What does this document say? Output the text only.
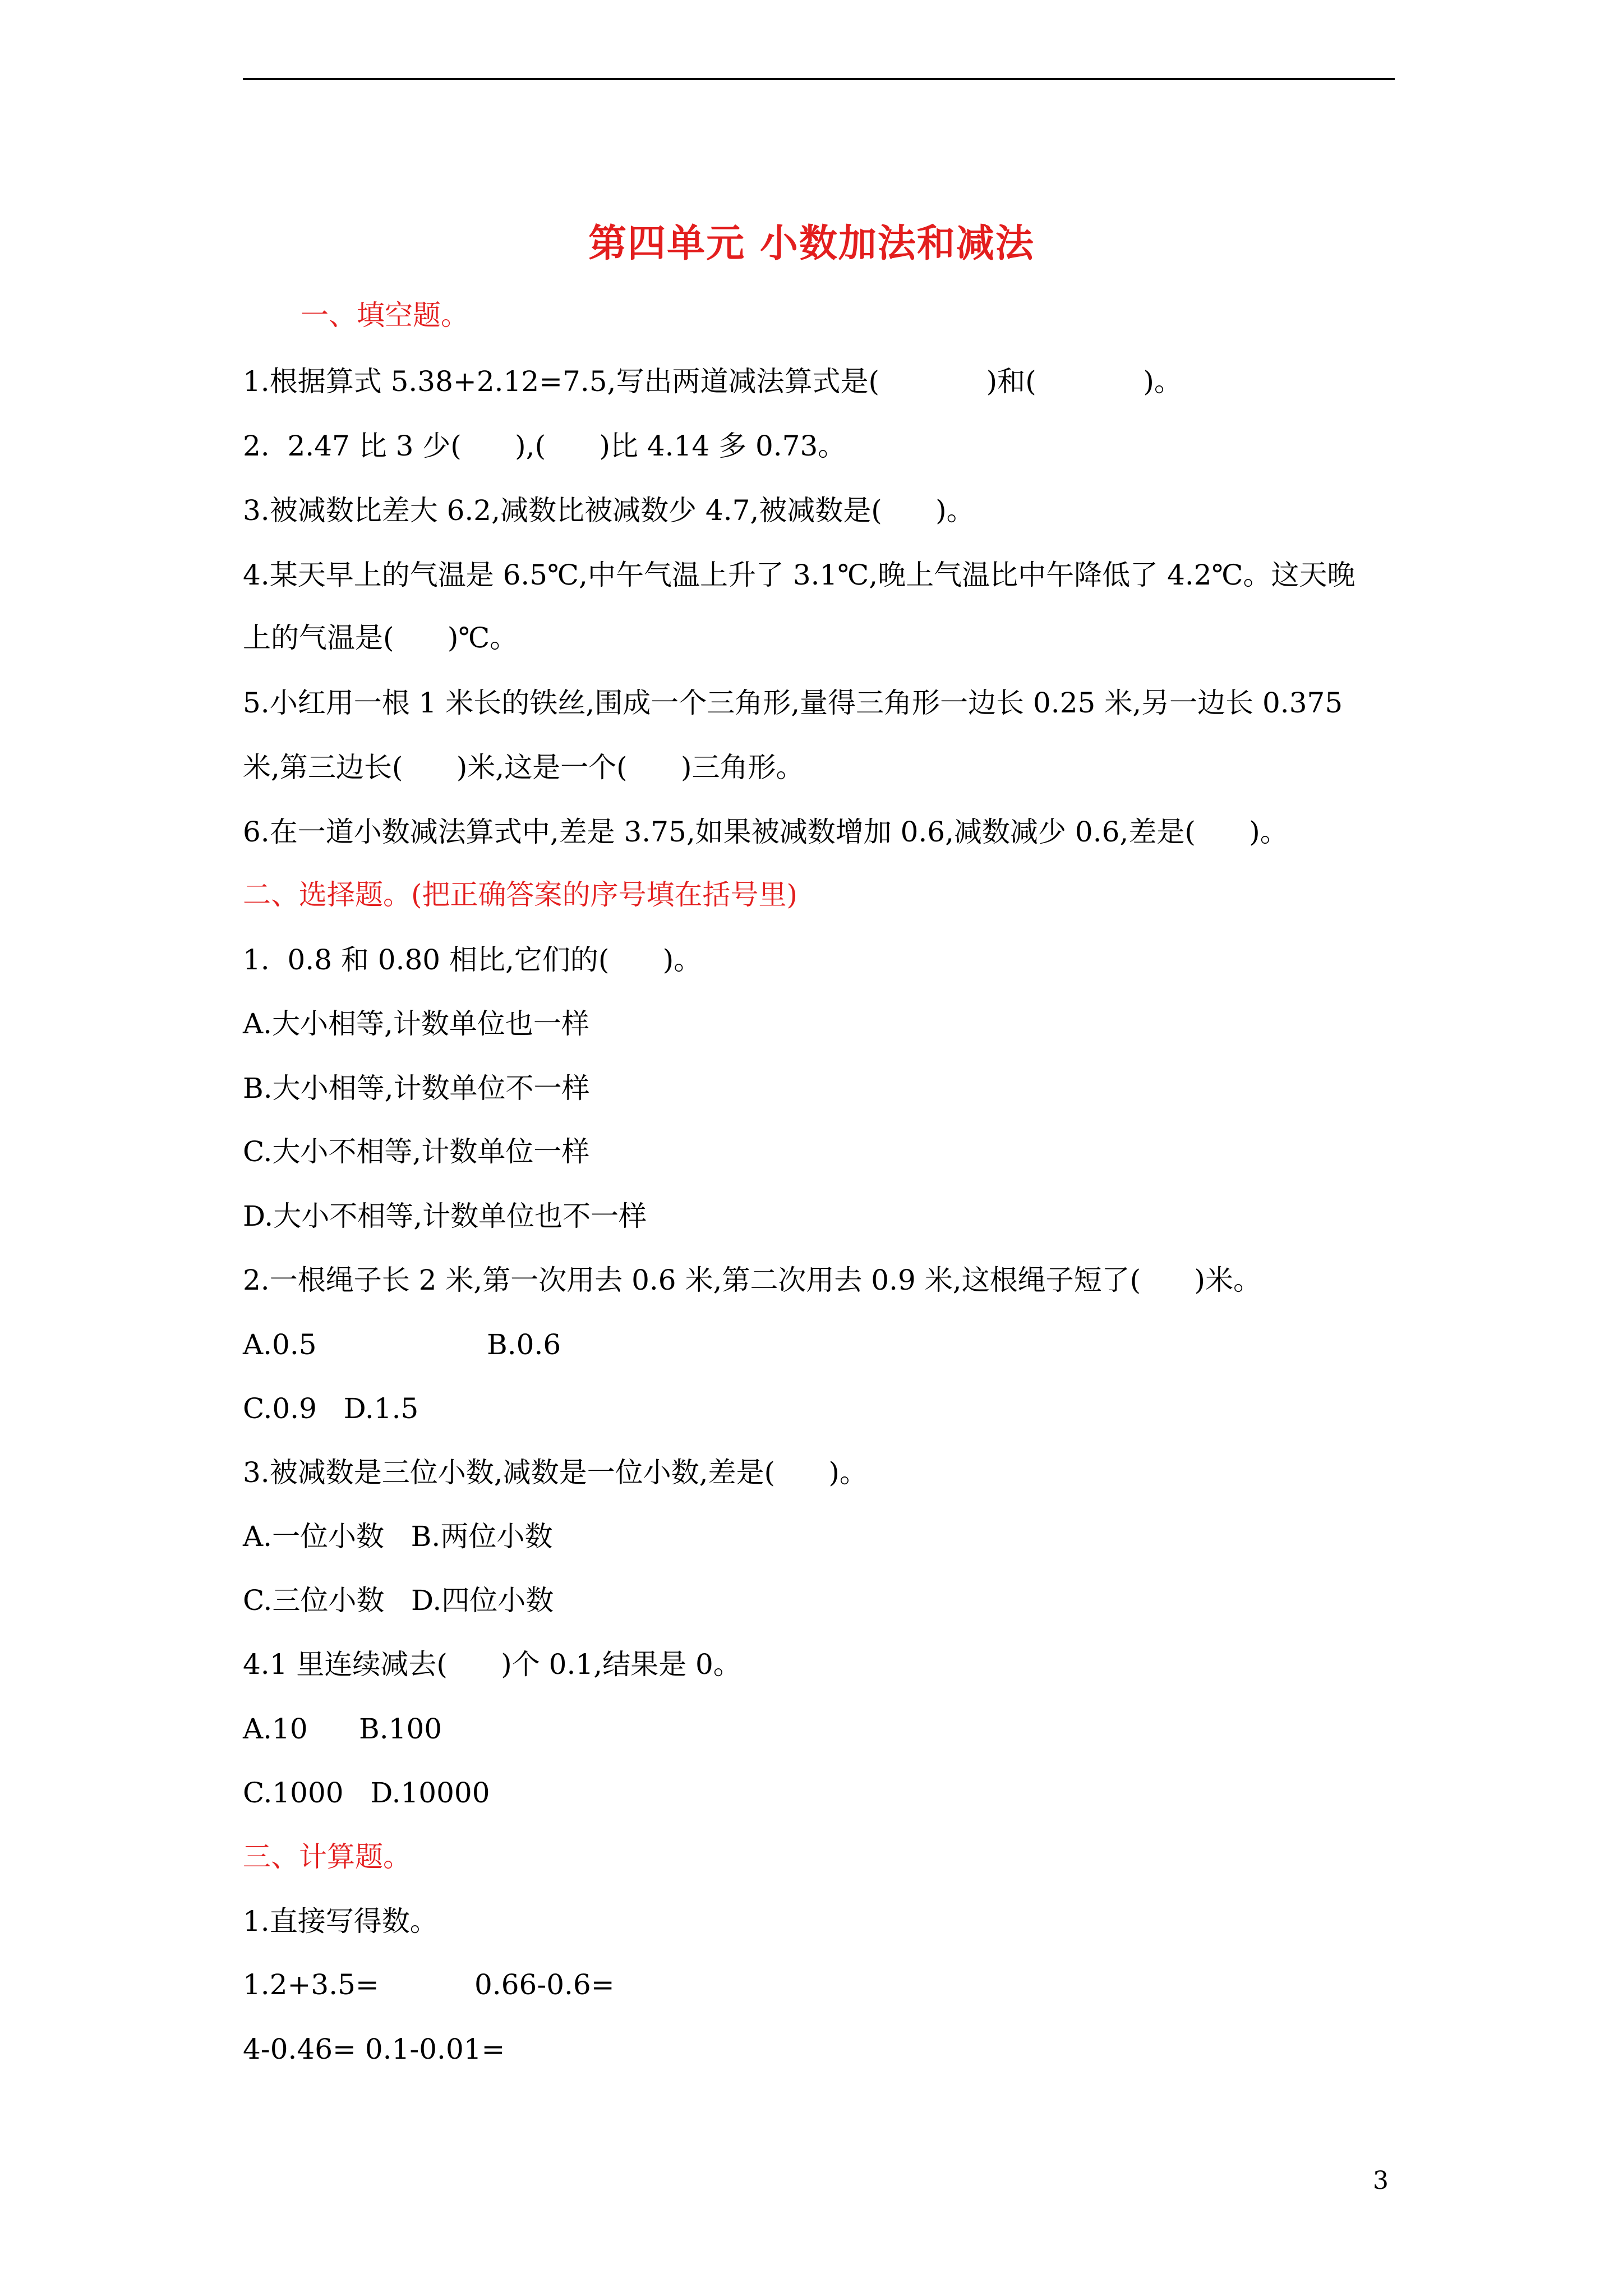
第四单元 小数加法和减法
一、填空题。
1.根据算式 5.38+2.12=7.5,写出两道减法算式是(            )和(            )。
2.  2.47 比 3 少(      ),(      )比 4.14 多 0.73。
3.被减数比差大 6.2,减数比被减数少 4.7,被减数是(      )。
4.某天早上的气温是 6.5℃,中午气温上升了 3.1℃,晚上气温比中午降低了 4.2℃。这天晚
上的气温是(      )℃。
5.小红用一根 1 米长的铁丝,围成一个三角形,量得三角形一边长 0.25 米,另一边长 0.375
米,第三边长(      )米,这是一个(      )三角形。
6.在一道小数减法算式中,差是 3.75,如果被减数增加 0.6,减数减少 0.6,差是(      )。
二、选择题。(把正确答案的序号填在括号里)
1.  0.8 和 0.80 相比,它们的(      )。
A.大小相等,计数单位也一样
B.大小相等,计数单位不一样
C.大小不相等,计数单位一样
D.大小不相等,计数单位也不一样
2.一根绳子长 2 米,第一次用去 0.6 米,第二次用去 0.9 米,这根绳子短了(      )米。
A.0.5	B.0.6
C.0.9   D.1.5
3.被减数是三位小数,减数是一位小数,差是(      )。
A.一位小数   B.两位小数
C.三位小数   D.四位小数
4.1 里连续减去(      )个 0.1,结果是 0。
A.10 B.100
C.1000   D.10000
三、计算题。
1.直接写得数。
1.2+3.5=	0.66-0.6=
4-0.46= 0.1-0.01=
3
